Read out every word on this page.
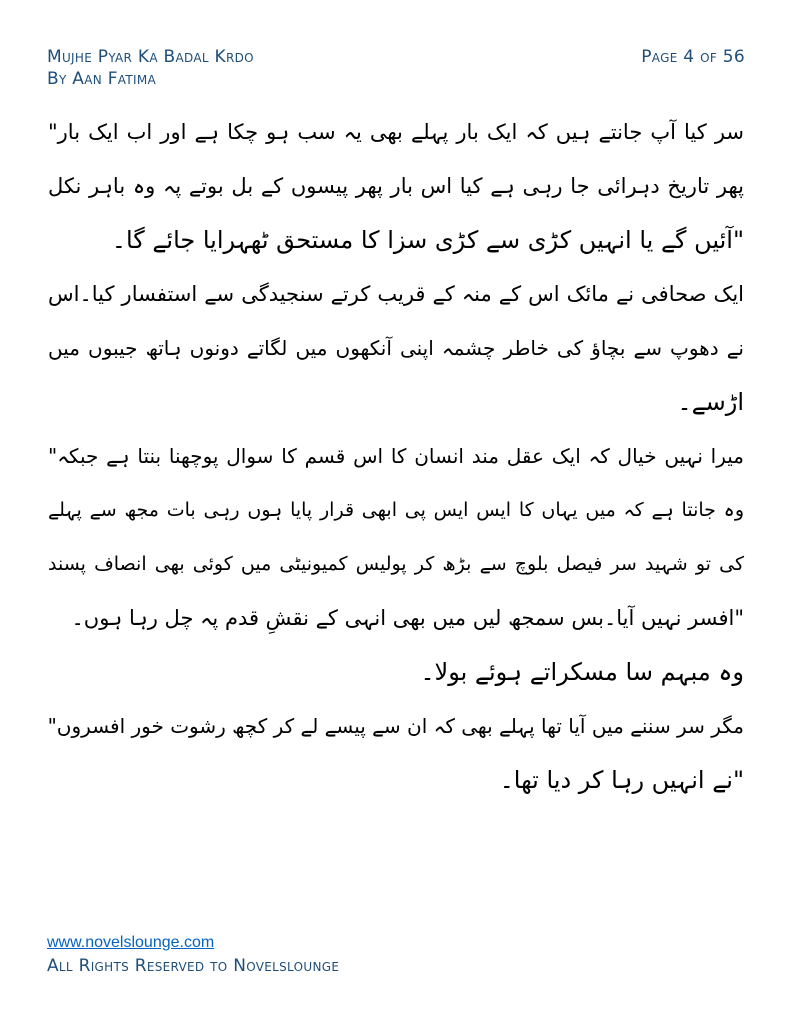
Mujhe Pyar Ka Badal Krdo
By Aan Fatima
Page 4 of 56
سر کیا آپ جانتے ہیں کہ ایک بار پہلے بھی یہ سب ہو چکا ہے اور اب ایک بار"
پھر تاریخ دہرائی جا رہی ہے کیا اس بار پھر پیسوں کے بل بوتے پہ وہ باہر نکل
"آئیں گے یا انہیں کڑی سے کڑی سزا کا مستحق ٹھہرایا جائے گا۔
ایک صحافی نے مائک اس کے منہ کے قریب کرتے سنجیدگی سے استفسار کیا۔اس
نے دھوپ سے بچاؤ کی خاطر چشمہ اپنی آنکھوں میں لگاتے دونوں ہاتھ جیبوں میں
اڑسے۔
میرا نہیں خیال کہ ایک عقل مند انسان کا اس قسم کا سوال پوچھنا بنتا ہے جبکہ"
وہ جانتا ہے کہ میں یہاں کا ایس ایس پی ابھی قرار پایا ہوں رہی بات مجھ سے پہلے
کی تو شہید سر فیصل بلوچ سے بڑھ کر پولیس کمیونیٹی میں کوئی بھی انصاف پسند
"افسر نہیں آیا۔بس سمجھ لیں میں بھی انہی کے نقشِ قدم پہ چل رہا ہوں۔
وہ مبہم سا مسکراتے ہوئے بولا۔
مگر سر سننے میں آیا تھا پہلے بھی کہ ان سے پیسے لے کر کچھ رشوت خور افسروں"
"نے انہیں رہا کر دیا تھا۔
www.novelslounge.com
All Rights Reserved to Novelslounge
